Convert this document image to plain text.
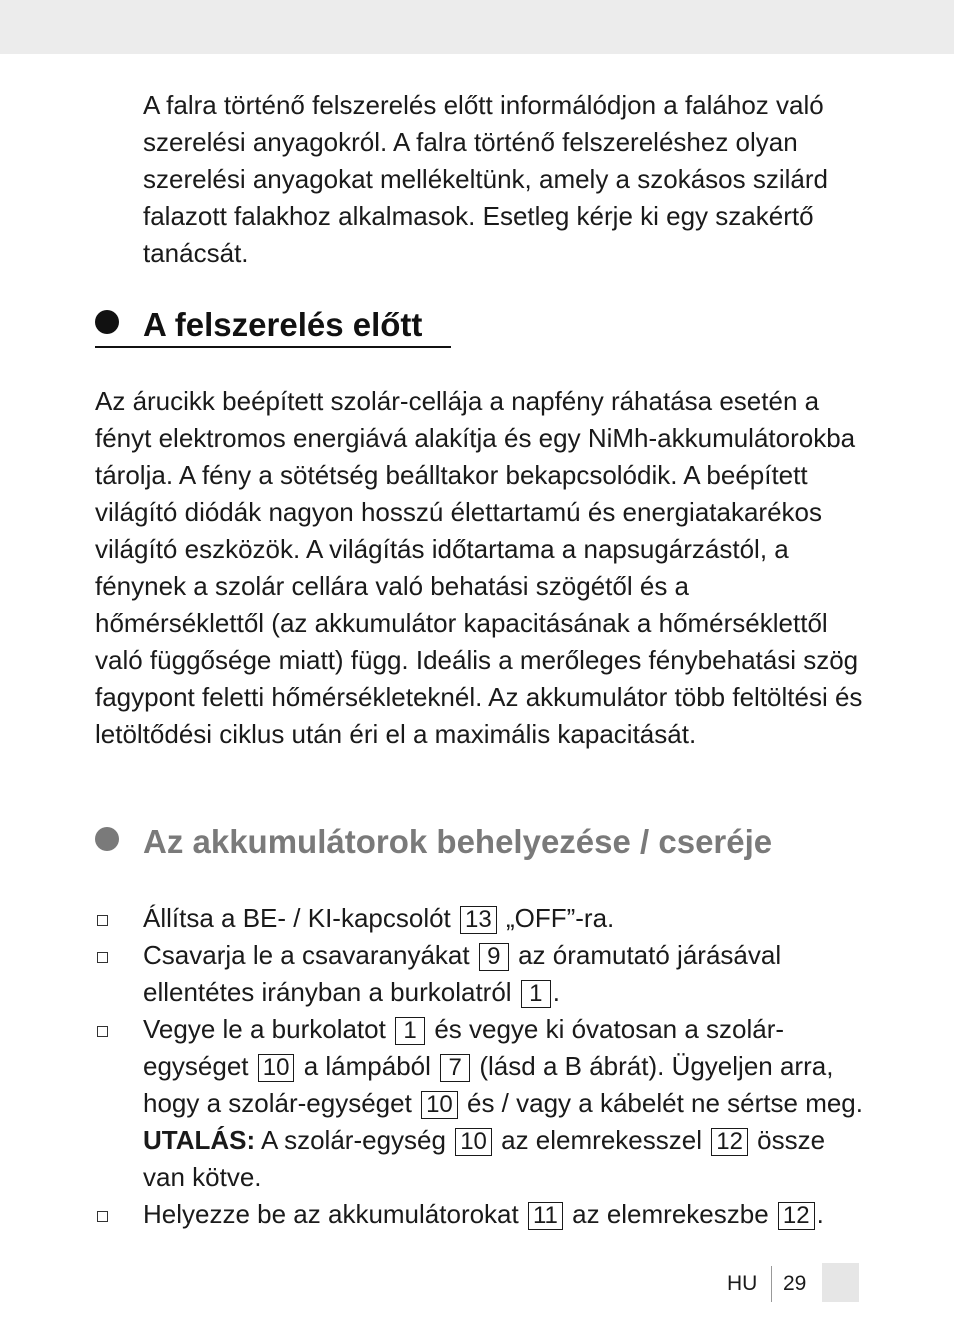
A falra történő felszerelés előtt informálódjon a falához való szerelési anyagokról. A falra történő felszereléshez olyan szerelési anyagokat mellékeltünk, amely a szokásos szilárd falazott falakhoz alkalmasok. Esetleg kérje ki egy szakértő tanácsát.

A felszerelés előtt

Az árucikk beépített szolár-cellája a napfény ráhatása esetén a fényt elektromos energiává alakítja és egy NiMh-akkumulátorokba tárolja. A fény a sötétség beálltakor bekapcsolódik. A beépített világító diódák nagyon hosszú élettartamú és energiatakarékos világító eszközök. A világítás időtartama a napsugárzástól, a fénynek a szolár cellára való behatási szögétől és a hőmérséklettől (az akkumulátor kapacitásának a hőmérséklettől való függősége miatt) függ. Ideális a merőleges fénybehatási szög fagypont feletti hőmérsékleteknél. Az akkumulátor több feltöltési és letöltődési ciklus után éri el a maximális kapacitását.

Az akkumulátorok behelyezése / cseréje
Állítsa a BE- / KI-kapcsolót 13 „OFF”-ra.
Csavarja le a csavaranyákat 9 az óramutató járásával ellentétes irányban a burkolatról 1 .
Vegye le a burkolatot 1 és vegye ki óvatosan a szolár-egységet 10 a lámpából 7 (lásd a B ábrát). Ügyeljen arra, hogy a szolár-egységet 10 és / vagy a kábelét ne sértse meg.
UTALÁS: A szolár-egység 10 az elemrekesszel 12 össze van kötve.
Helyezze be az akkumulátorokat 11 az elemrekeszbe 12 .
HU 29
